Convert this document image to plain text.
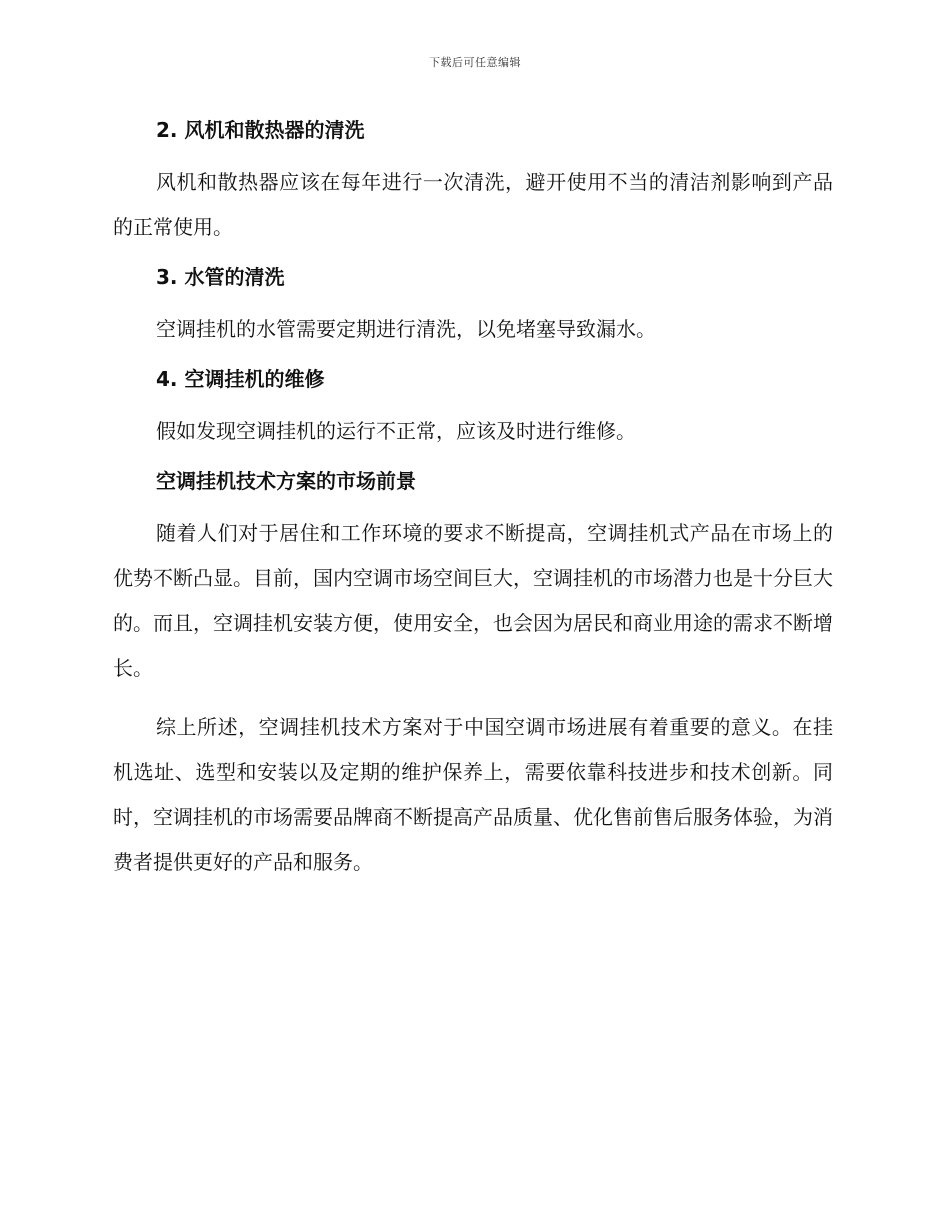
下载后可任意编辑
2. 风机和散热器的清洗
风机和散热器应该在每年进行一次清洗，避开使用不当的清洁剂影响到产品的正常使用。
3. 水管的清洗
空调挂机的水管需要定期进行清洗，以免堵塞导致漏水。
4. 空调挂机的维修
假如发现空调挂机的运行不正常，应该及时进行维修。
空调挂机技术方案的市场前景
随着人们对于居住和工作环境的要求不断提高，空调挂机式产品在市场上的优势不断凸显。目前，国内空调市场空间巨大，空调挂机的市场潜力也是十分巨大的。而且，空调挂机安装方便，使用安全，也会因为居民和商业用途的需求不断增长。
综上所述，空调挂机技术方案对于中国空调市场进展有着重要的意义。在挂机选址、选型和安装以及定期的维护保养上，需要依靠科技进步和技术创新。同时，空调挂机的市场需要品牌商不断提高产品质量、优化售前售后服务体验，为消费者提供更好的产品和服务。
